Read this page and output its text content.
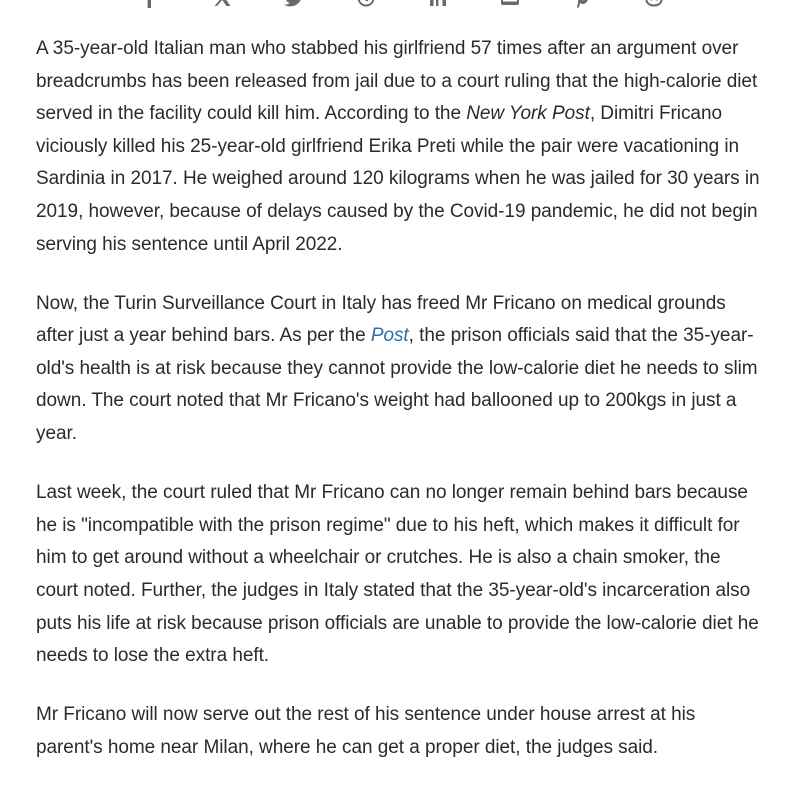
A 35-year-old Italian man who stabbed his girlfriend 57 times after an argument over breadcrumbs has been released from jail due to a court ruling that the high-calorie diet served in the facility could kill him. According to the New York Post, Dimitri Fricano viciously killed his 25-year-old girlfriend Erika Preti while the pair were vacationing in Sardinia in 2017. He weighed around 120 kilograms when he was jailed for 30 years in 2019, however, because of delays caused by the Covid-19 pandemic, he did not begin serving his sentence until April 2022.

Now, the Turin Surveillance Court in Italy has freed Mr Fricano on medical grounds after just a year behind bars. As per the Post, the prison officials said that the 35-year-old's health is at risk because they cannot provide the low-calorie diet he needs to slim down. The court noted that Mr Fricano's weight had ballooned up to 200kgs in just a year.

Last week, the court ruled that Mr Fricano can no longer remain behind bars because he is "incompatible with the prison regime" due to his heft, which makes it difficult for him to get around without a wheelchair or crutches. He is also a chain smoker, the court noted. Further, the judges in Italy stated that the 35-year-old's incarceration also puts his life at risk because prison officials are unable to provide the low-calorie diet he needs to lose the extra heft.

Mr Fricano will now serve out the rest of his sentence under house arrest at his parent's home near Milan, where he can get a proper diet, the judges said.
